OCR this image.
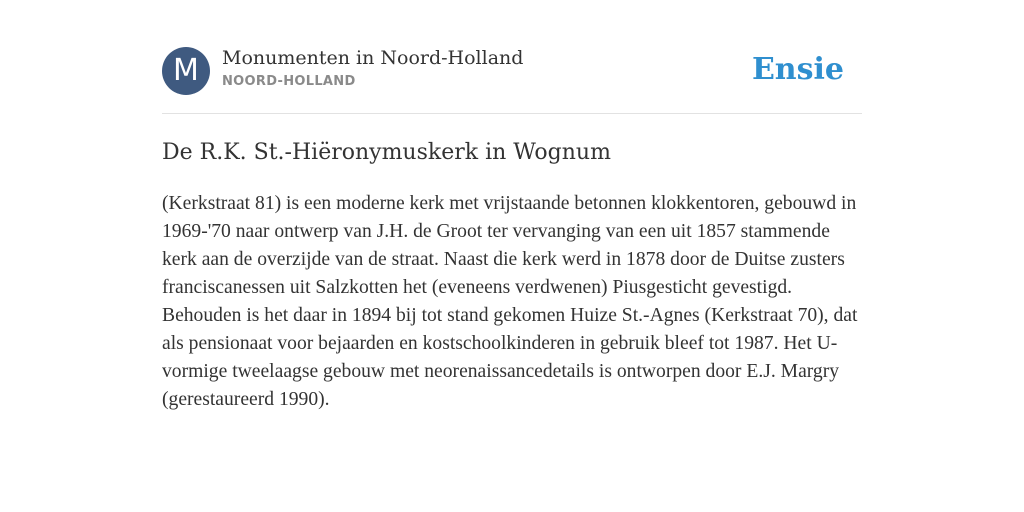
M	Monumenten in Noord-Holland
NOORD-HOLLAND	Ensie
De R.K. St.-Hiëronymuskerk in Wognum

(Kerkstraat 81) is een moderne kerk met vrijstaande betonnen klokkentoren, gebouwd in 1969-'70 naar ontwerp van J.H. de Groot ter vervanging van een uit 1857 stammende kerk aan de overzijde van de straat. Naast die kerk werd in 1878 door de Duitse zusters franciscanessen uit Salzkotten het (eveneens verdwenen) Piusgesticht gevestigd. Behouden is het daar in 1894 bij tot stand gekomen Huize St.-Agnes (Kerkstraat 70), dat als pensionaat voor bejaarden en kostschoolkinderen in gebruik bleef tot 1987. Het U-vormige tweelaagse gebouw met neorenaissancedetails is ontworpen door E.J. Margry (gerestaureerd 1990).
